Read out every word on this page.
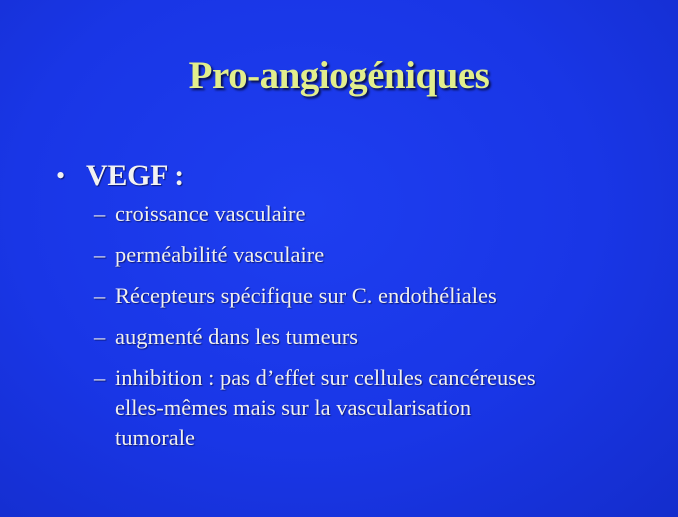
Pro-angiogéniques
• VEGF :
– croissance vasculaire
– perméabilité vasculaire
– Récepteurs spécifique sur C. endothéliales
– augmenté dans les tumeurs
– inhibition : pas d’effet sur cellules cancéreuses
elles-mêmes mais sur la vascularisation
tumorale
